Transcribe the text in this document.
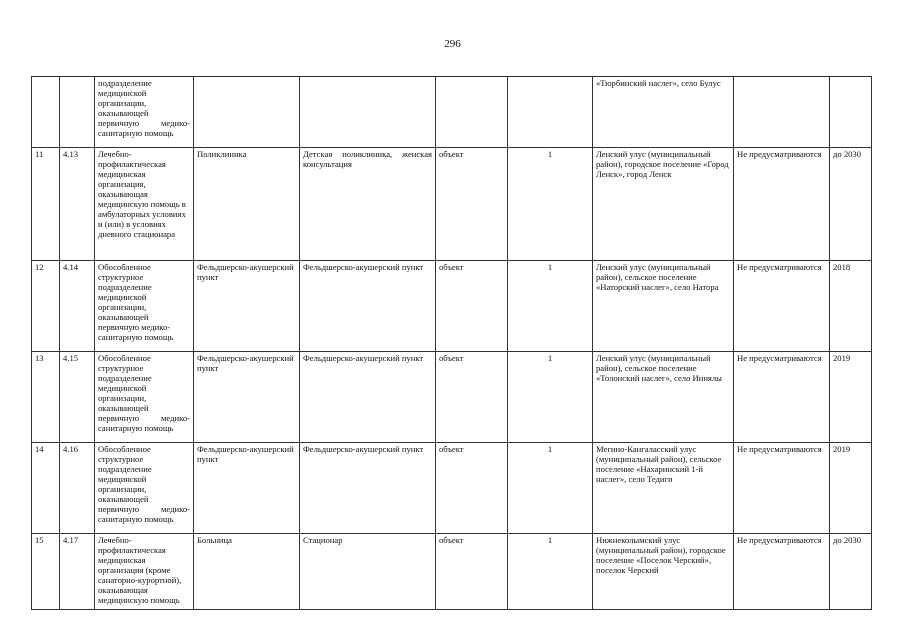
296
		подразделение медицинской организации, оказывающей первичную медико-санитарную помощь					«Тюрбинский наслег», село Булус		
11	4.13	Лечебно-профилактическая медицинская организация, оказывающая медицинскую помощь в амбулаторных условиях и (или) в условиях дневного стационара	Поликлиника	Детская поликлиника, женская консультация	объект	1	Ленский улус (муниципальный район), городское поселение «Город Ленск», город Ленск	Не предусматриваются	до 2030
12	4.14	Обособленное структурное подразделение медицинской организации, оказывающей первичную медико-санитарную помощь	Фельдшерско-акушерский пункт	Фельдшерско-акушерский пункт	объект	1	Ленский улус (муниципальный район), сельское поселение «Наторский наслег», село Натора	Не предусматриваются	2018
13	4.15	Обособленное структурное подразделение медицинской организации, оказывающей первичную медико-санитарную помощь	Фельдшерско-акушерский пункт	Фельдшерско-акушерский пункт	объект	1	Ленский улус (муниципальный район), сельское поселение «Толонский наслег», село Иннялы	Не предусматриваются	2019
14	4.16	Обособленное структурное подразделение медицинской организации, оказывающей первичную медико-санитарную помощь	Фельдшерско-акушерский пункт	Фельдшерско-акушерский пункт	объект	1	Мегино-Кангаласский улус (муниципальный район), сельское поселение «Нахаринский 1-й наслег», село Тедиги	Не предусматриваются	2019
15	4.17	Лечебно-профилактическая медицинская организация (кроме санаторно-курортной), оказывающая медицинскую помощь	Больница	Стационар	объект	1	Нижнеколымский улус (муниципальный район), городское поселение «Поселок Черский», поселок Черский	Не предусматриваются	до 2030
